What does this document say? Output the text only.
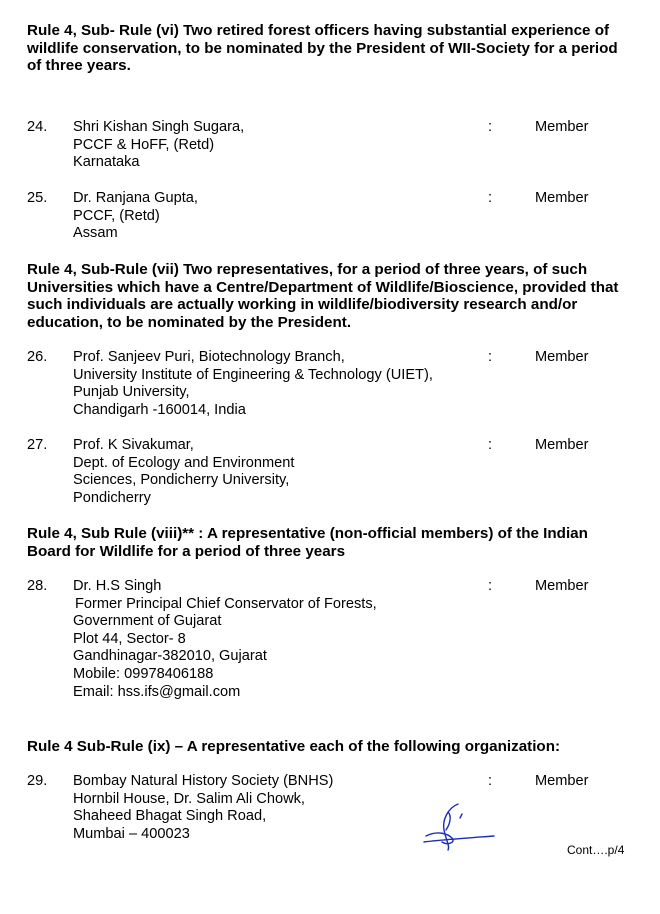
Rule 4, Sub- Rule (vi) Two retired forest officers having substantial experience of wildlife conservation, to be nominated by the President of WII-Society for a period of three years.
24. Shri Kishan Singh Sugara,
PCCF & HoFF, (Retd)
Karnataka
:	Member
25. Dr. Ranjana Gupta,
PCCF, (Retd)
Assam
:	Member
Rule 4, Sub-Rule (vii) Two representatives, for a period of three years, of such Universities which have a Centre/Department of Wildlife/Bioscience, provided that such individuals are actually working in wildlife/biodiversity research and/or education, to be nominated by the President.
26. Prof. Sanjeev Puri, Biotechnology Branch,
University Institute of Engineering & Technology (UIET),
Punjab University,
Chandigarh -160014, India
:	Member
27. Prof. K Sivakumar,
Dept. of Ecology and Environment
Sciences, Pondicherry University,
Pondicherry
:	Member
Rule 4, Sub Rule (viii)** : A representative (non-official members) of the Indian Board for Wildlife for a period of three years
28. Dr. H.S Singh
Former Principal Chief Conservator of Forests,
Government of Gujarat
Plot 44, Sector- 8
Gandhinagar-382010, Gujarat
Mobile: 09978406188
Email: hss.ifs@gmail.com
:	Member
Rule 4 Sub-Rule (ix) – A representative each of the following organization:
29. Bombay Natural History Society (BNHS)
Hornbil House, Dr. Salim Ali Chowk,
Shaheed Bhagat Singh Road,
Mumbai – 400023
:	Member
Cont….p/4
